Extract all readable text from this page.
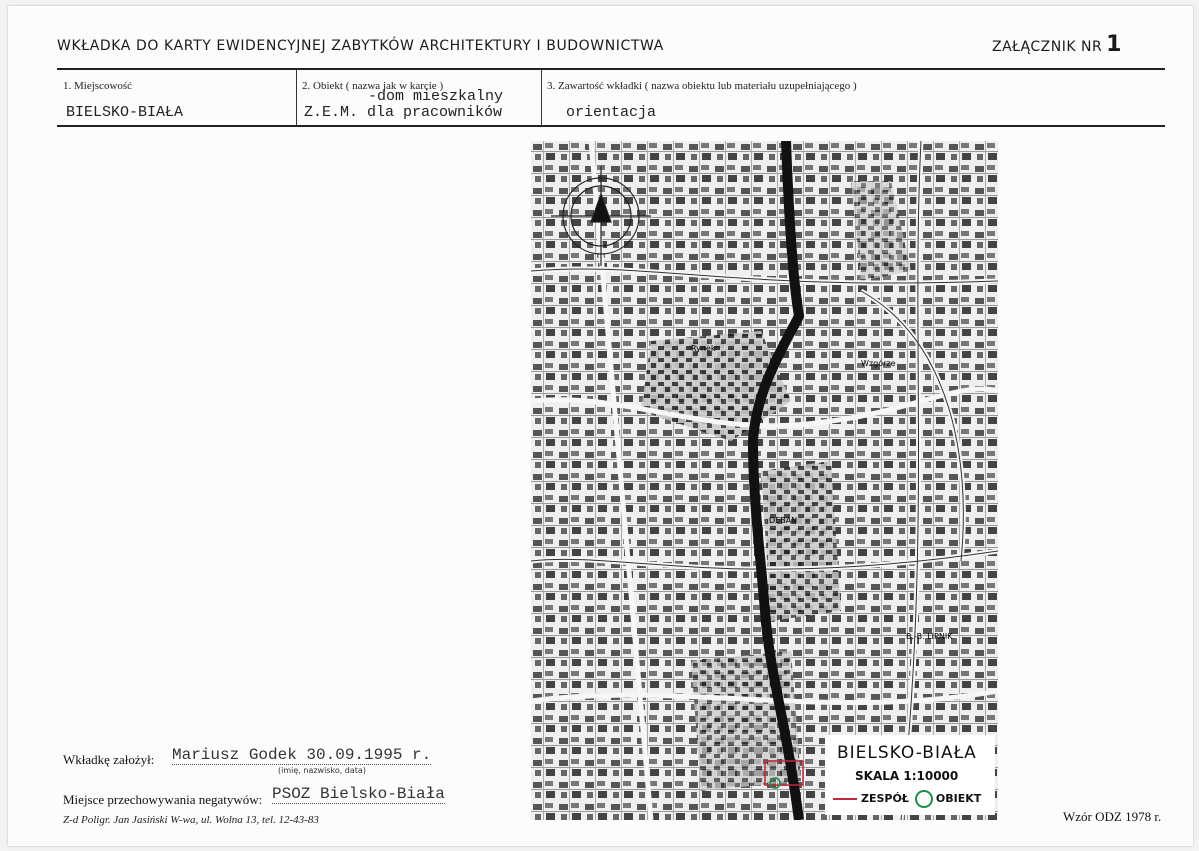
WKŁADKA DO KARTY EWIDENCYJNEJ ZABYTKÓW ARCHITEKTURY I BUDOWNICTWA	ZAŁĄCZNIK NR 1
1. Miejscowość
BIELSKO-BIAŁA
2. Obiekt ( nazwa jak w karcie )
-dom mieszkalny
Z.E.M. dla pracowników
3. Zawartość wkładki ( nazwa obiektu lub materiału uzupełniającego )
orientacja
B.-B. LIPNIK
DEBAN
Rynek
Wzgórze
BIELSKO-BIAŁA
SKALA 1:10000
ZESPÓŁ OBIEKT
Wkładkę założył: Mariusz Godek 30.09.1995 r.
(imię, nazwisko, data)
Miejsce przechowywania negatywów: PSOZ Bielsko-Biała
Z-d Poligr. Jan Jasiński W-wa, ul. Wolna 13, tel. 12-43-83	Wzór ODZ 1978 r.
